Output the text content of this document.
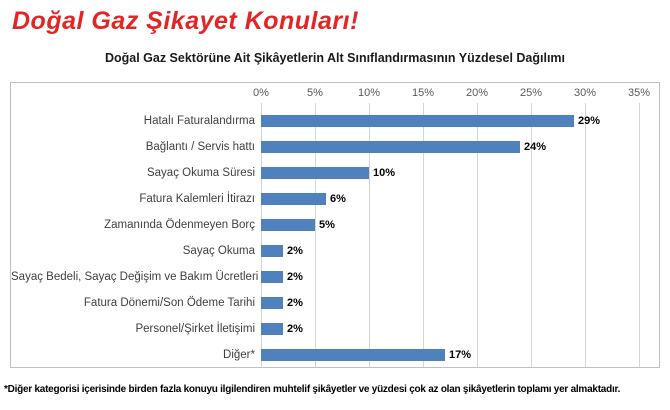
Doğal Gaz Şikayet Konuları!
Doğal Gaz Sektörüne Ait Şikâyetlerin Alt Sınıflandırmasının Yüzdesel Dağılımı
0%	5%	10%	15%	20%	25%	30%	35%
Hatalı Faturalandırma	29%
Bağlantı / Servis hattı	24%
Sayaç Okuma Süresi	10%
Fatura Kalemleri İtirazı	6%
Zamanında Ödenmeyen Borç	5%
Sayaç Okuma	2%
Sayaç Bedeli, Sayaç Değişim ve Bakım Ücretleri	2%
Fatura Dönemi/Son Ödeme Tarihi	2%
Personel/Şirket İletişimi	2%
Diğer*	17%
*Diğer kategorisi içerisinde birden fazla konuyu ilgilendiren muhtelif şikâyetler ve yüzdesi çok az olan şikâyetlerin toplamı yer almaktadır.
